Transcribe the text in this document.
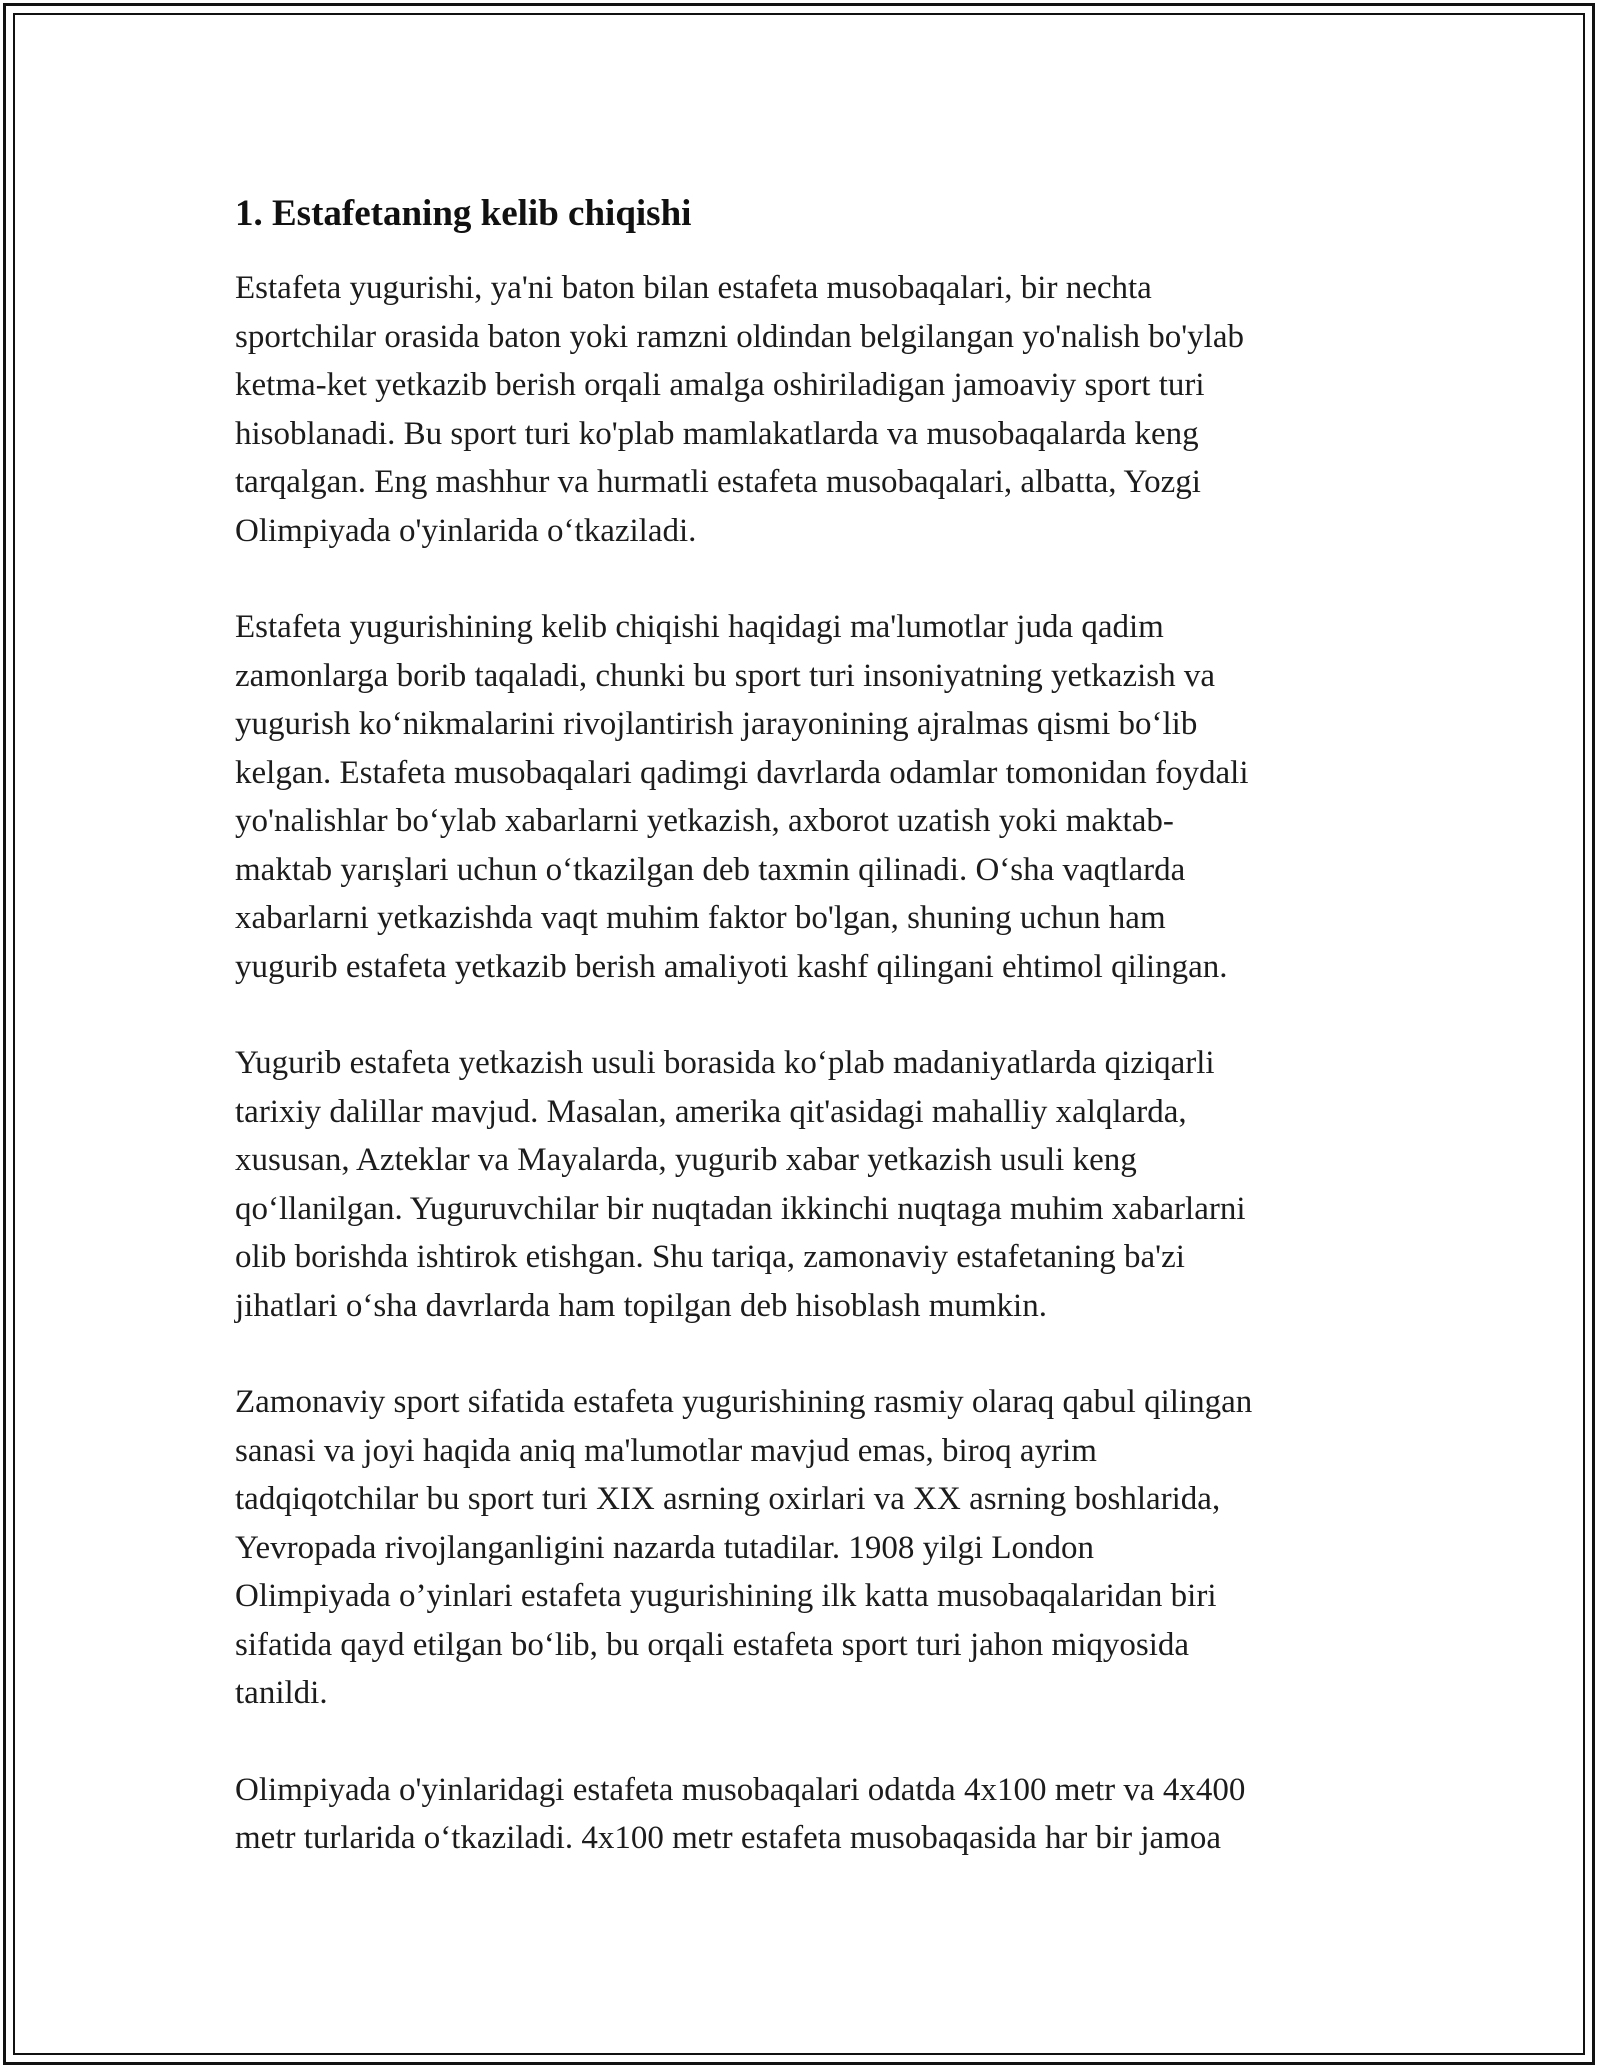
1. Estafetaning kelib chiqishi
Estafeta yugurishi, ya'ni baton bilan estafeta musobaqalari, bir nechta
sportchilar orasida baton yoki ramzni oldindan belgilangan yo'nalish bo'ylab
ketma-ket yetkazib berish orqali amalga oshiriladigan jamoaviy sport turi
hisoblanadi. Bu sport turi ko'plab mamlakatlarda va musobaqalarda keng
tarqalgan. Eng mashhur va hurmatli estafeta musobaqalari, albatta, Yozgi
Olimpiyada o'yinlarida o‘tkaziladi.
Estafeta yugurishining kelib chiqishi haqidagi ma'lumotlar juda qadim
zamonlarga borib taqaladi, chunki bu sport turi insoniyatning yetkazish va
yugurish ko‘nikmalarini rivojlantirish jarayonining ajralmas qismi bo‘lib
kelgan. Estafeta musobaqalari qadimgi davrlarda odamlar tomonidan foydali
yo'nalishlar bo‘ylab xabarlarni yetkazish, axborot uzatish yoki maktab-
maktab yarışlari uchun o‘tkazilgan deb taxmin qilinadi. O‘sha vaqtlarda
xabarlarni yetkazishda vaqt muhim faktor bo'lgan, shuning uchun ham
yugurib estafeta yetkazib berish amaliyoti kashf qilingani ehtimol qilingan.
Yugurib estafeta yetkazish usuli borasida ko‘plab madaniyatlarda qiziqarli
tarixiy dalillar mavjud. Masalan, amerika qit'asidagi mahalliy xalqlarda,
xususan, Azteklar va Mayalarda, yugurib xabar yetkazish usuli keng
qo‘llanilgan. Yuguruvchilar bir nuqtadan ikkinchi nuqtaga muhim xabarlarni
olib borishda ishtirok etishgan. Shu tariqa, zamonaviy estafetaning ba'zi
jihatlari o‘sha davrlarda ham topilgan deb hisoblash mumkin.
Zamonaviy sport sifatida estafeta yugurishining rasmiy olaraq qabul qilingan
sanasi va joyi haqida aniq ma'lumotlar mavjud emas, biroq ayrim
tadqiqotchilar bu sport turi XIX asrning oxirlari va XX asrning boshlarida,
Yevropada rivojlanganligini nazarda tutadilar. 1908 yilgi London
Olimpiyada o’yinlari estafeta yugurishining ilk katta musobaqalaridan biri
sifatida qayd etilgan bo‘lib, bu orqali estafeta sport turi jahon miqyosida
tanildi.
Olimpiyada o'yinlaridagi estafeta musobaqalari odatda 4x100 metr va 4x400
metr turlarida o‘tkaziladi. 4x100 metr estafeta musobaqasida har bir jamoa
